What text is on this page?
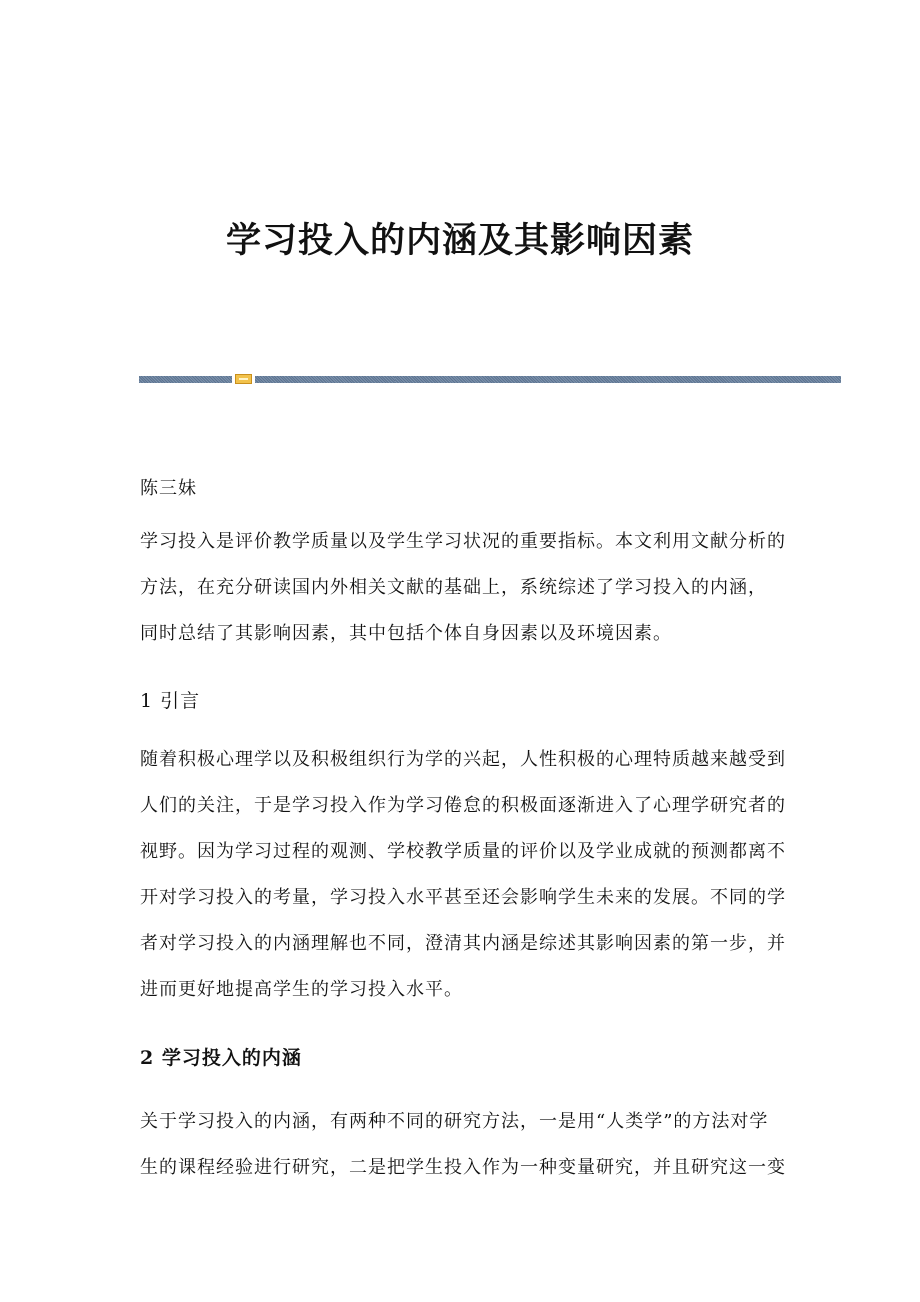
学习投入的内涵及其影响因素
陈三妹
学习投入是评价教学质量以及学生学习状况的重要指标。本文利用文献分析的
方法，在充分研读国内外相关文献的基础上，系统综述了学习投入的内涵，
同时总结了其影响因素，其中包括个体自身因素以及环境因素。
1 引言
随着积极心理学以及积极组织行为学的兴起，人性积极的心理特质越来越受到
人们的关注，于是学习投入作为学习倦怠的积极面逐渐进入了心理学研究者的
视野。因为学习过程的观测、学校教学质量的评价以及学业成就的预测都离不
开对学习投入的考量，学习投入水平甚至还会影响学生未来的发展。不同的学
者对学习投入的内涵理解也不同，澄清其内涵是综述其影响因素的第一步，并
进而更好地提高学生的学习投入水平。
2 学习投入的内涵
关于学习投入的内涵，有两种不同的研究方法，一是用“人类学”的方法对学
生的课程经验进行研究，二是把学生投入作为一种变量研究，并且研究这一变
